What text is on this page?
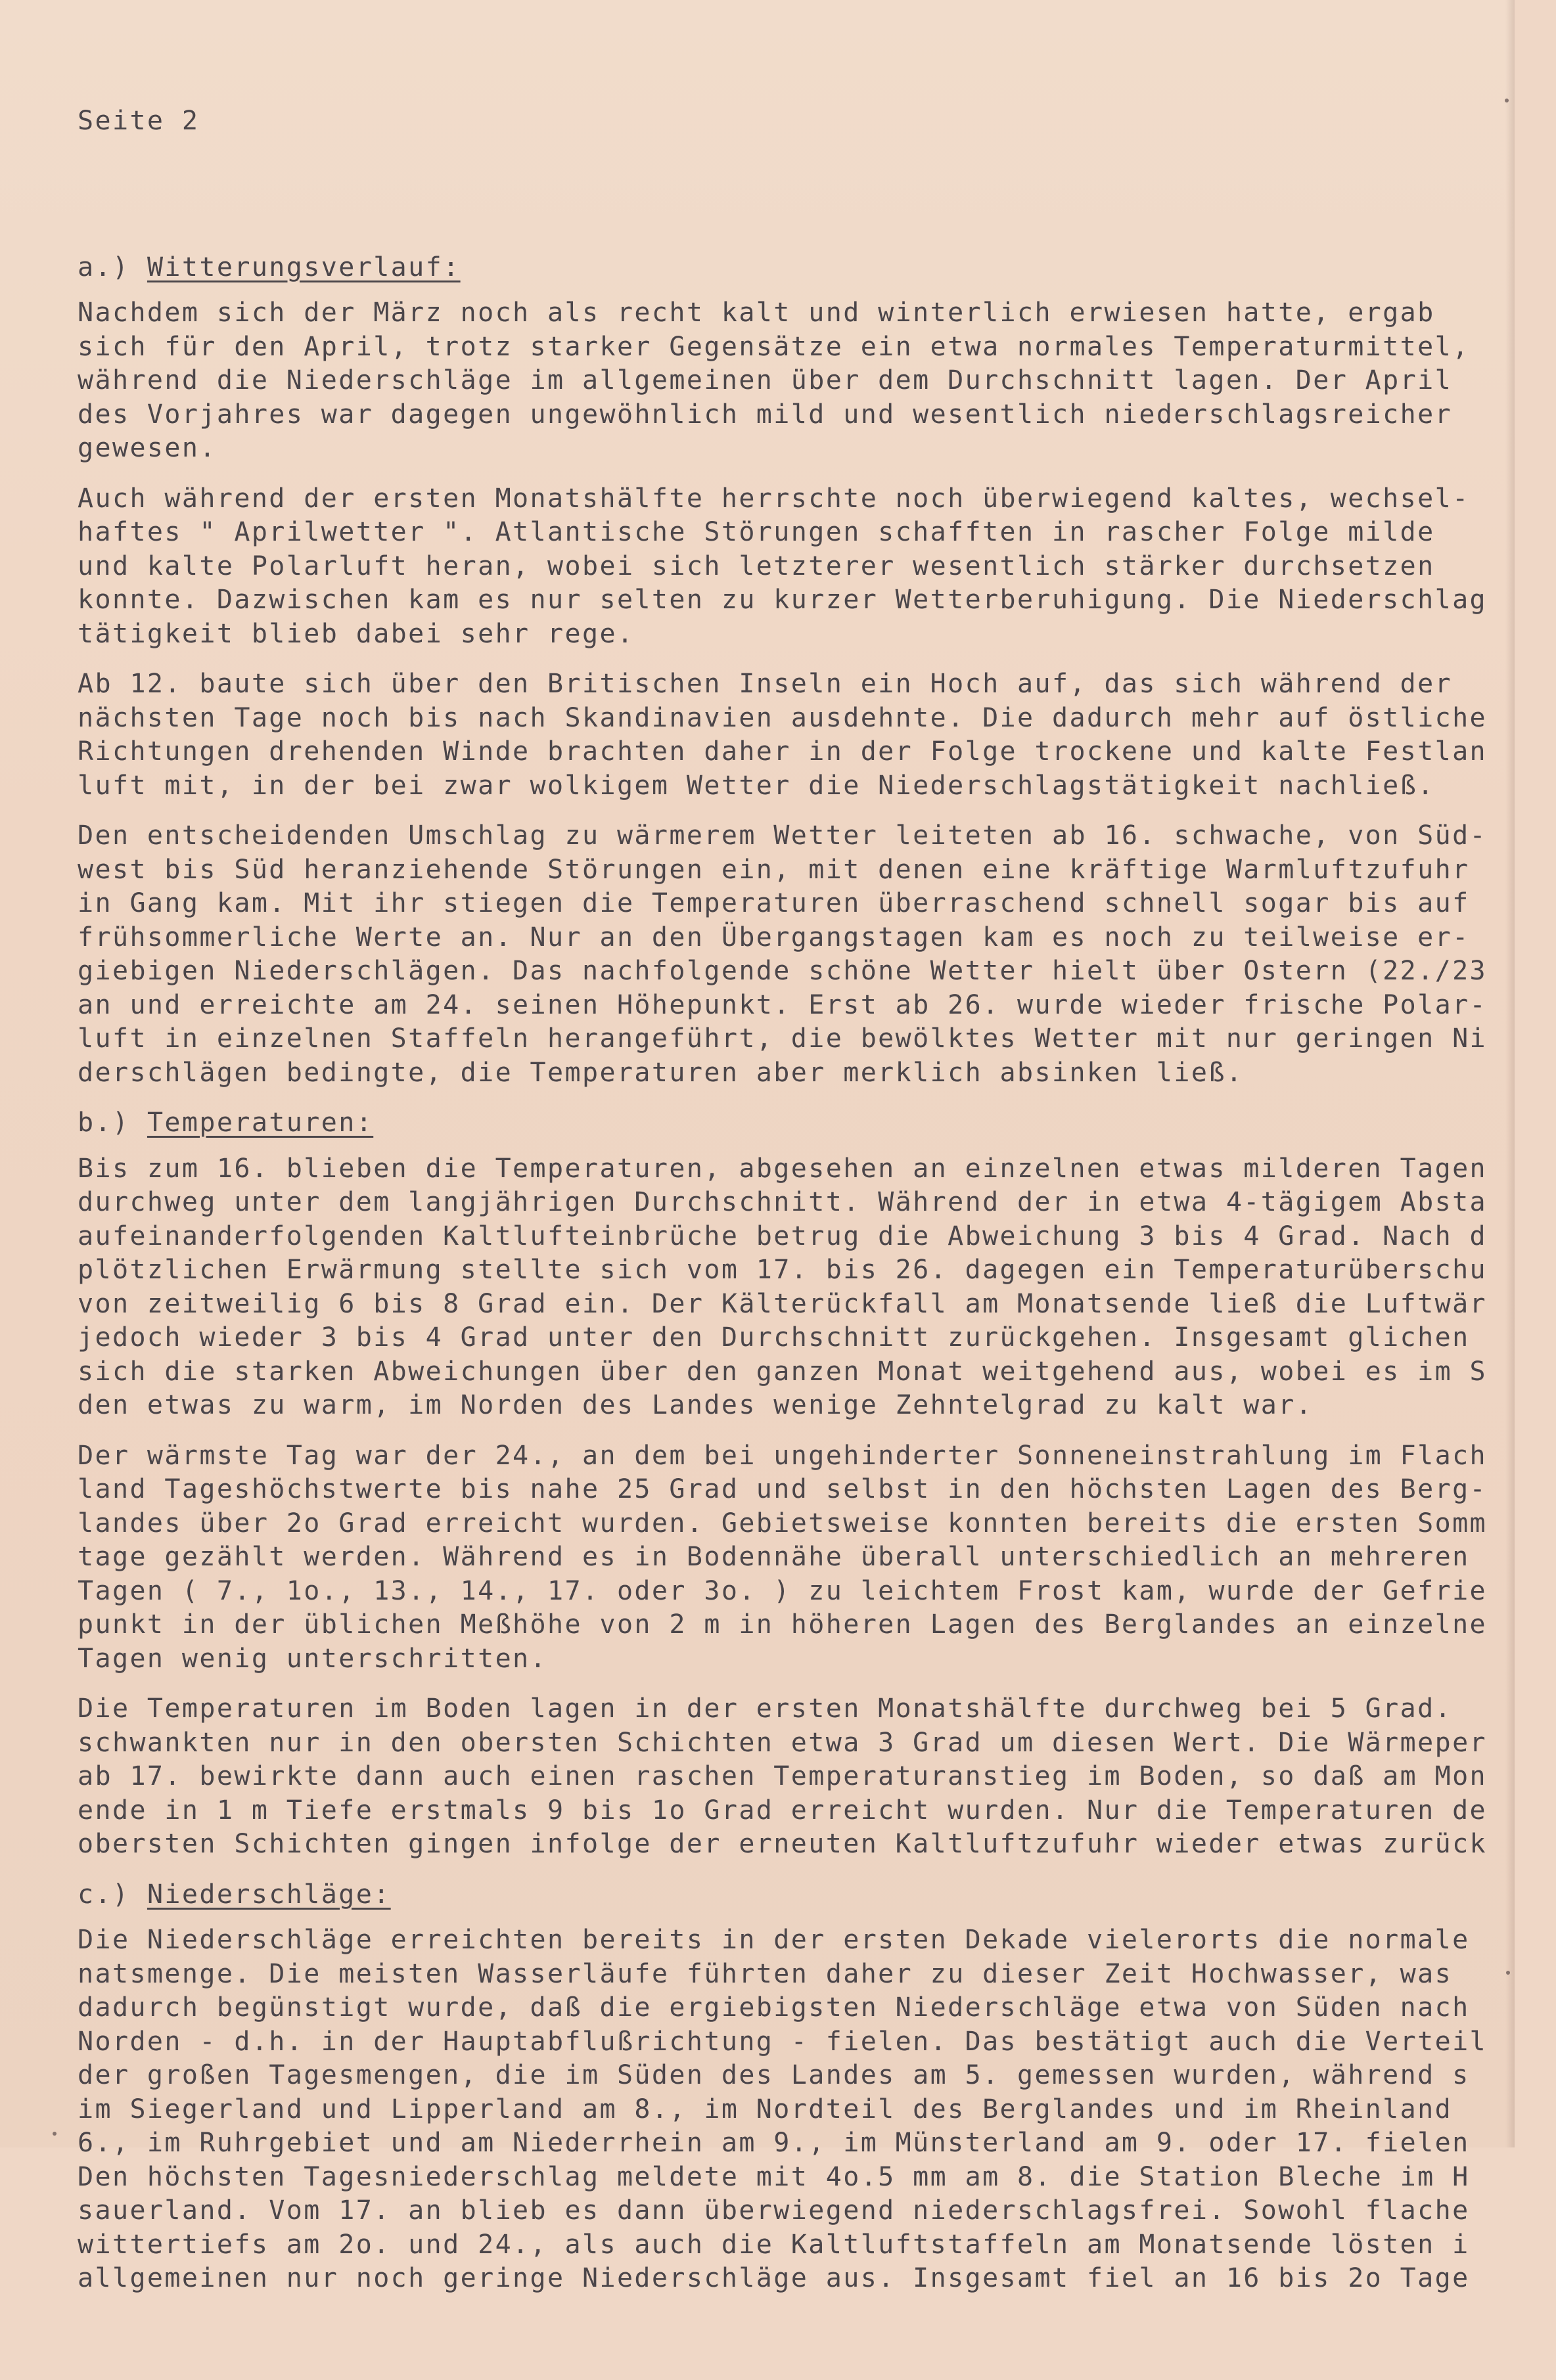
Seite 2

a.) Witterungsverlauf:
Nachdem sich der März noch als recht kalt und winterlich erwiesen hatte, ergab
sich für den April, trotz starker Gegensätze ein etwa normales Temperaturmittel,
während die Niederschläge im allgemeinen über dem Durchschnitt lagen. Der April
des Vorjahres war dagegen ungewöhnlich mild und wesentlich niederschlagsreicher
gewesen.
Auch während der ersten Monatshälfte herrschte noch überwiegend kaltes, wechsel-
haftes " Aprilwetter ". Atlantische Störungen schafften in rascher Folge milde
und kalte Polarluft heran, wobei sich letzterer wesentlich stärker durchsetzen
konnte. Dazwischen kam es nur selten zu kurzer Wetterberuhigung. Die Niederschlag
tätigkeit blieb dabei sehr rege.
Ab 12. baute sich über den Britischen Inseln ein Hoch auf, das sich während der
nächsten Tage noch bis nach Skandinavien ausdehnte. Die dadurch mehr auf östliche
Richtungen drehenden Winde brachten daher in der Folge trockene und kalte Festlan
luft mit, in der bei zwar wolkigem Wetter die Niederschlagstätigkeit nachließ.
Den entscheidenden Umschlag zu wärmerem Wetter leiteten ab 16. schwache, von Süd-
west bis Süd heranziehende Störungen ein, mit denen eine kräftige Warmluftzufuhr
in Gang kam. Mit ihr stiegen die Temperaturen überraschend schnell sogar bis auf
frühsommerliche Werte an. Nur an den Übergangstagen kam es noch zu teilweise er-
giebigen Niederschlägen. Das nachfolgende schöne Wetter hielt über Ostern (22./23
an und erreichte am 24. seinen Höhepunkt. Erst ab 26. wurde wieder frische Polar-
luft in einzelnen Staffeln herangeführt, die bewölktes Wetter mit nur geringen Ni
derschlägen bedingte, die Temperaturen aber merklich absinken ließ.
b.) Temperaturen:
Bis zum 16. blieben die Temperaturen, abgesehen an einzelnen etwas milderen Tagen
durchweg unter dem langjährigen Durchschnitt. Während der in etwa 4-tägigem Absta
aufeinanderfolgenden Kaltlufteinbrüche betrug die Abweichung 3 bis 4 Grad. Nach d
plötzlichen Erwärmung stellte sich vom 17. bis 26. dagegen ein Temperaturüberschu
von zeitweilig 6 bis 8 Grad ein. Der Kälterückfall am Monatsende ließ die Luftwär
jedoch wieder 3 bis 4 Grad unter den Durchschnitt zurückgehen. Insgesamt glichen
sich die starken Abweichungen über den ganzen Monat weitgehend aus, wobei es im S
den etwas zu warm, im Norden des Landes wenige Zehntelgrad zu kalt war.
Der wärmste Tag war der 24., an dem bei ungehinderter Sonneneinstrahlung im Flach
land Tageshöchstwerte bis nahe 25 Grad und selbst in den höchsten Lagen des Berg-
landes über 2o Grad erreicht wurden. Gebietsweise konnten bereits die ersten Somm
tage gezählt werden. Während es in Bodennähe überall unterschiedlich an mehreren
Tagen ( 7., 1o., 13., 14., 17. oder 3o. ) zu leichtem Frost kam, wurde der Gefrie
punkt in der üblichen Meßhöhe von 2 m in höheren Lagen des Berglandes an einzelne
Tagen wenig unterschritten.
Die Temperaturen im Boden lagen in der ersten Monatshälfte durchweg bei 5 Grad.
schwankten nur in den obersten Schichten etwa 3 Grad um diesen Wert. Die Wärmeper
ab 17. bewirkte dann auch einen raschen Temperaturanstieg im Boden, so daß am Mon
ende in 1 m Tiefe erstmals 9 bis 1o Grad erreicht wurden. Nur die Temperaturen de
obersten Schichten gingen infolge der erneuten Kaltluftzufuhr wieder etwas zurück
c.) Niederschläge:
Die Niederschläge erreichten bereits in der ersten Dekade vielerorts die normale
natsmenge. Die meisten Wasserläufe führten daher zu dieser Zeit Hochwasser, was
dadurch begünstigt wurde, daß die ergiebigsten Niederschläge etwa von Süden nach
Norden - d.h. in der Hauptabflußrichtung - fielen. Das bestätigt auch die Verteil
der großen Tagesmengen, die im Süden des Landes am 5. gemessen wurden, während s
im Siegerland und Lipperland am 8., im Nordteil des Berglandes und im Rheinland
6., im Ruhrgebiet und am Niederrhein am 9., im Münsterland am 9. oder 17. fielen
Den höchsten Tagesniederschlag meldete mit 4o.5 mm am 8. die Station Bleche im H
sauerland. Vom 17. an blieb es dann überwiegend niederschlagsfrei. Sowohl flache
wittertiefs am 2o. und 24., als auch die Kaltluftstaffeln am Monatsende lösten i
allgemeinen nur noch geringe Niederschläge aus. Insgesamt fiel an 16 bis 2o Tage
